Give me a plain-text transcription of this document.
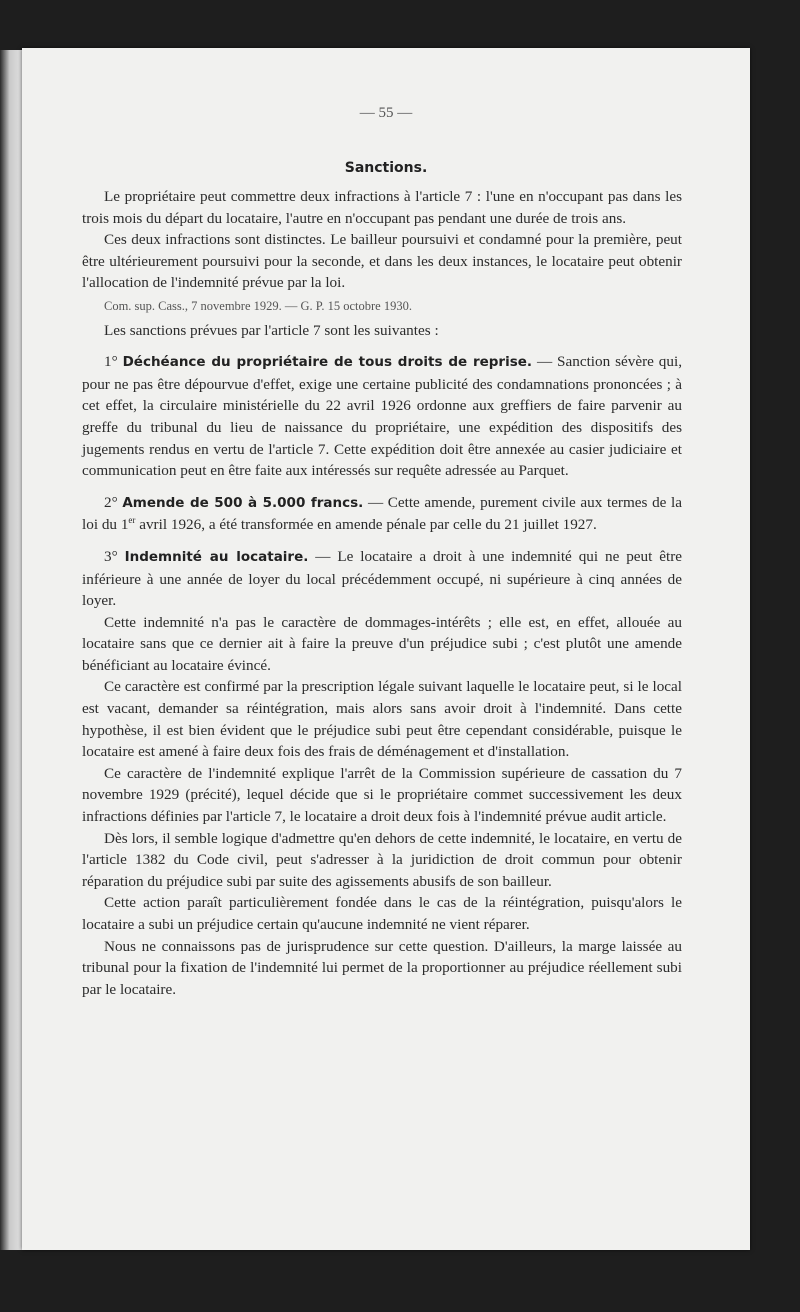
— 55 —
Sanctions.

Le propriétaire peut commettre deux infractions à l'article 7 : l'une en n'occupant pas dans les trois mois du départ du locataire, l'autre en n'occupant pas pendant une durée de trois ans.

Ces deux infractions sont distinctes. Le bailleur poursuivi et condamné pour la première, peut être ultérieurement poursuivi pour la seconde, et dans les deux instances, le locataire peut obtenir l'allocation de l'indemnité prévue par la loi.

Com. sup. Cass., 7 novembre 1929. — G. P. 15 octobre 1930.

Les sanctions prévues par l'article 7 sont les suivantes :

1° Déchéance du propriétaire de tous droits de reprise. — Sanction sévère qui, pour ne pas être dépourvue d'effet, exige une certaine publicité des condamnations prononcées ; à cet effet, la circulaire ministérielle du 22 avril 1926 ordonne aux greffiers de faire parvenir au greffe du tribunal du lieu de naissance du propriétaire, une expédition des dispositifs des jugements rendus en vertu de l'article 7. Cette expédition doit être annexée au casier judiciaire et communication peut en être faite aux intéressés sur requête adressée au Parquet.

2° Amende de 500 à 5.000 francs. — Cette amende, purement civile aux termes de la loi du 1er avril 1926, a été transformée en amende pénale par celle du 21 juillet 1927.

3° Indemnité au locataire. — Le locataire a droit à une indemnité qui ne peut être inférieure à une année de loyer du local précédemment occupé, ni supérieure à cinq années de loyer.

Cette indemnité n'a pas le caractère de dommages-intérêts ; elle est, en effet, allouée au locataire sans que ce dernier ait à faire la preuve d'un préjudice subi ; c'est plutôt une amende bénéficiant au locataire évincé.

Ce caractère est confirmé par la prescription légale suivant laquelle le locataire peut, si le local est vacant, demander sa réintégration, mais alors sans avoir droit à l'indemnité. Dans cette hypothèse, il est bien évident que le préjudice subi peut être cependant considérable, puisque le locataire est amené à faire deux fois des frais de déménagement et d'installation.

Ce caractère de l'indemnité explique l'arrêt de la Commission supérieure de cassation du 7 novembre 1929 (précité), lequel décide que si le propriétaire commet successivement les deux infractions définies par l'article 7, le locataire a droit deux fois à l'indemnité prévue audit article.

Dès lors, il semble logique d'admettre qu'en dehors de cette indemnité, le locataire, en vertu de l'article 1382 du Code civil, peut s'adresser à la juridiction de droit commun pour obtenir réparation du préjudice subi par suite des agissements abusifs de son bailleur.

Cette action paraît particulièrement fondée dans le cas de la réintégration, puisqu'alors le locataire a subi un préjudice certain qu'aucune indemnité ne vient réparer.

Nous ne connaissons pas de jurisprudence sur cette question. D'ailleurs, la marge laissée au tribunal pour la fixation de l'indemnité lui permet de la proportionner au préjudice réellement subi par le locataire.
